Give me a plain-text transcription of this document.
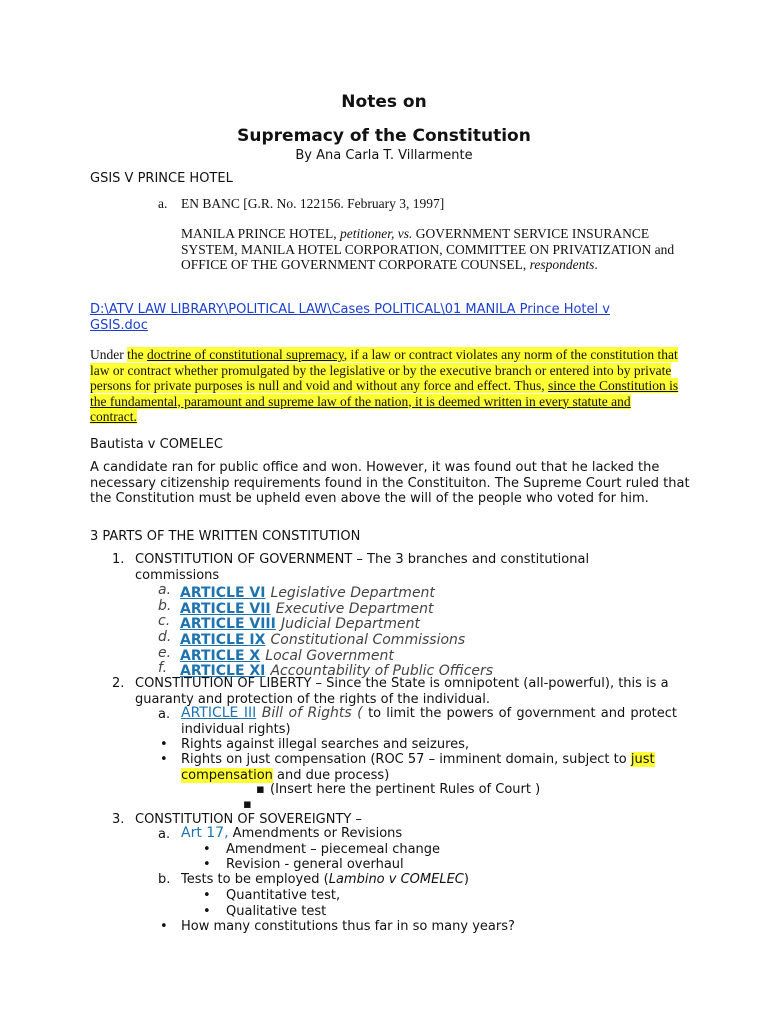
Notes on
Supremacy of the Constitution
By Ana Carla T. Villarmente
GSIS V PRINCE HOTEL
a. EN BANC [G.R. No. 122156. February 3, 1997]
MANILA PRINCE HOTEL, petitioner, vs. GOVERNMENT SERVICE INSURANCE SYSTEM, MANILA HOTEL CORPORATION, COMMITTEE ON PRIVATIZATION and OFFICE OF THE GOVERNMENT CORPORATE COUNSEL, respondents.
D:\ATV LAW LIBRARY\POLITICAL LAW\Cases POLITICAL\01 MANILA Prince Hotel v
GSIS.doc
Under the doctrine of constitutional supremacy, if a law or contract violates any norm of the constitution that law or contract whether promulgated by the legislative or by the executive branch or entered into by private persons for private purposes is null and void and without any force and effect. Thus, since the Constitution is the fundamental, paramount and supreme law of the nation, it is deemed written in every statute and contract.
Bautista v COMELEC
A candidate ran for public office and won. However, it was found out that he lacked the necessary citizenship requirements found in the Constituiton. The Supreme Court ruled that the Constitution must be upheld even above the will of the people who voted for him.
3 PARTS OF THE WRITTEN CONSTITUTION
1. CONSTITUTION OF GOVERNMENT – The 3 branches and constitutional commissions
a. ARTICLE VI Legislative Department
b. ARTICLE VII Executive Department
c. ARTICLE VIII Judicial Department
d. ARTICLE IX Constitutional Commissions
e. ARTICLE X Local Government
f. ARTICLE XI Accountability of Public Officers
2. CONSTITUTION OF LIBERTY – Since the State is omnipotent (all-powerful), this is a guaranty and protection of the rights of the individual.
a. ARTICLE III Bill of Rights ( to limit the powers of government and protect individual rights)
• Rights against illegal searches and seizures,
• Rights on just compensation (ROC 57 – imminent domain, subject to just compensation and due process)
▪ (Insert here the pertinent Rules of Court )
▪
3. CONSTITUTION OF SOVEREIGNTY –
a. Art 17, Amendments or Revisions
• Amendment – piecemeal change
• Revision - general overhaul
b. Tests to be employed (Lambino v COMELEC)
• Quantitative test,
• Qualitative test
• How many constitutions thus far in so many years?
